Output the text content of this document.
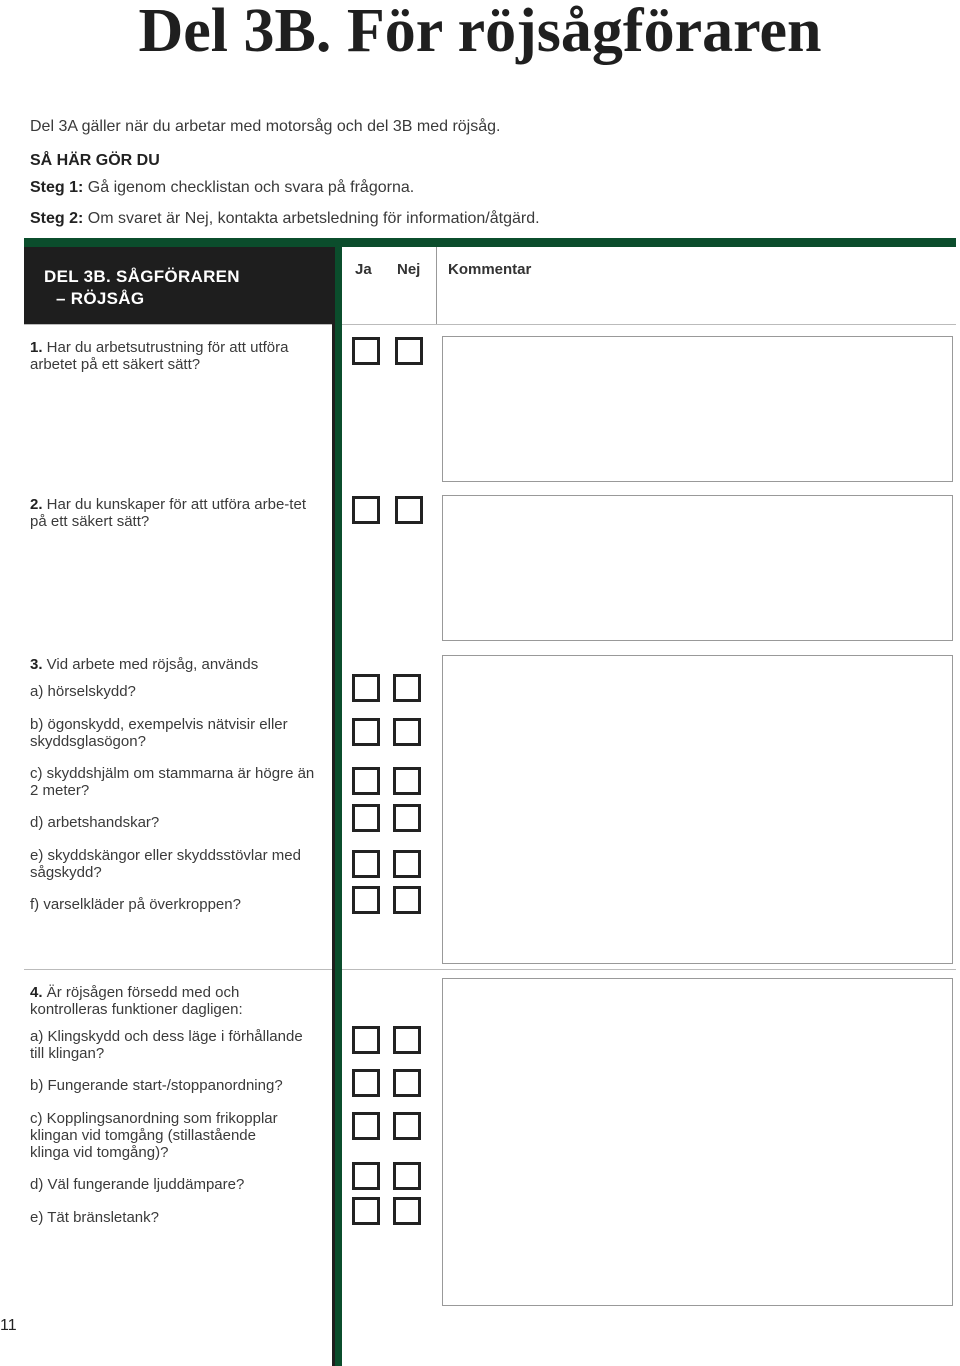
Del 3B. För röjsågföraren
Del 3A gäller när du arbetar med motorsåg och del 3B med röjsåg.
SÅ HÄR GÖR DU
Steg 1: Gå igenom checklistan och svara på frågorna.
Steg 2: Om svaret är Nej, kontakta arbetsledning för information/åtgärd.
DEL 3B. SÅGFÖRAREN
– RÖJSÅG
Ja Nej Kommentar
1. Har du arbetsutrustning för att utföra arbetet på ett säkert sätt?
2. Har du kunskaper för att utföra arbe-tet på ett säkert sätt?
3. Vid arbete med röjsåg, används
a) hörselskydd?
b) ögonskydd, exempelvis nätvisir eller skyddsglasögon?
c) skyddshjälm om stammarna är högre än 2 meter?
d) arbetshandskar?
e) skyddskängor eller skyddsstövlar med sågskydd?
f) varselkläder på överkroppen?
4. Är röjsågen försedd med och kontrolleras funktioner dagligen:
a) Klingskydd och dess läge i förhållande till klingan?
b) Fungerande start-/stoppanordning?
c) Kopplingsanordning som frikopplar klingan vid tomgång (stillastående klinga vid tomgång)?
d) Väl fungerande ljuddämpare?
e) Tät bränsletank?
11
